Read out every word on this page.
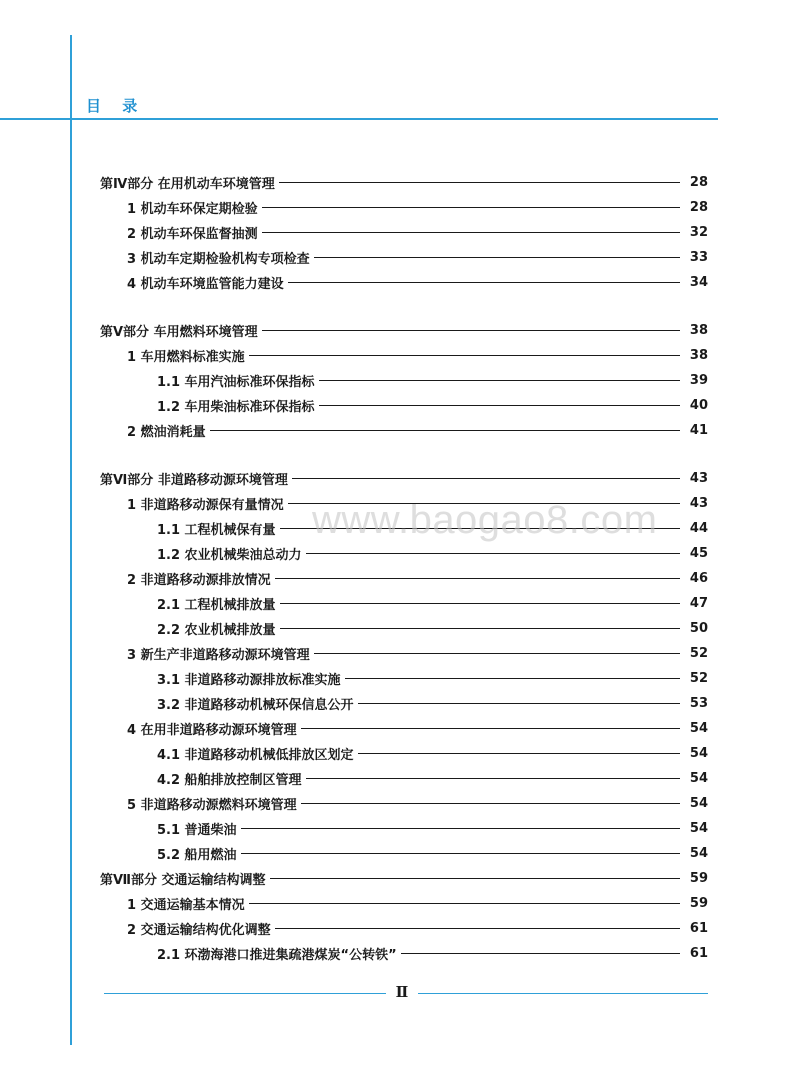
目 录
第Ⅳ部分 在用机动车环境管理	28
1 机动车环保定期检验	28
2 机动车环保监督抽测	32
3 机动车定期检验机构专项检查	33
4 机动车环境监管能力建设	34
第Ⅴ部分 车用燃料环境管理	38
1 车用燃料标准实施	38
1.1 车用汽油标准环保指标	39
1.2 车用柴油标准环保指标	40
2 燃油消耗量	41
第Ⅵ部分 非道路移动源环境管理	43
1 非道路移动源保有量情况	43
1.1 工程机械保有量	44
1.2 农业机械柴油总动力	45
2 非道路移动源排放情况	46
2.1 工程机械排放量	47
2.2 农业机械排放量	50
3 新生产非道路移动源环境管理	52
3.1 非道路移动源排放标准实施	52
3.2 非道路移动机械环保信息公开	53
4 在用非道路移动源环境管理	54
4.1 非道路移动机械低排放区划定	54
4.2 船舶排放控制区管理	54
5 非道路移动源燃料环境管理	54
5.1 普通柴油	54
5.2 船用燃油	54
第Ⅶ部分 交通运输结构调整	59
1 交通运输基本情况	59
2 交通运输结构优化调整	61
2.1 环渤海港口推进集疏港煤炭“公转铁”	61
www.baogao8.com
Ⅱ
